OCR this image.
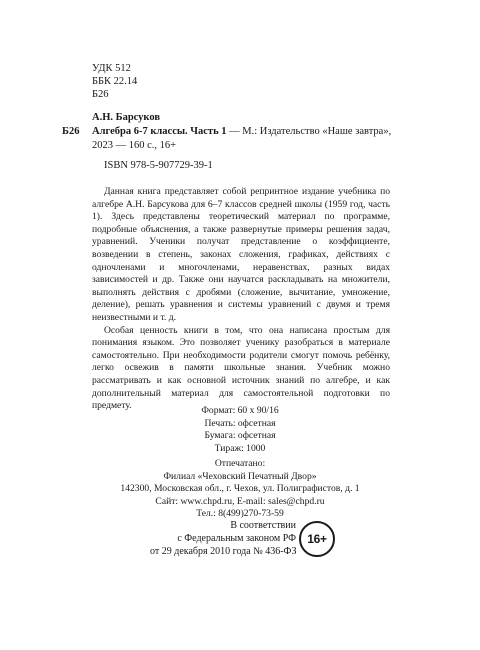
УДК 512
ББК 22.14
Б26
А.Н. Барсуков
Б26 Алгебра 6-7 классы. Часть 1 — М.: Издательство «Наше завтра»,
2023 — 160 с., 16+
ISBN 978-5-907729-39-1

Данная книга представляет собой репринтное издание учебника по алгебре А.Н. Барсукова для 6–7 классов средней школы (1959 год, часть 1). Здесь представлены теоретический материал по программе, подробные объяснения, а также развернутые примеры решения задач, уравнений. Ученики получат представление о коэффициенте, возведении в степень, законах сложения, графиках, действиях с одночленами и многочленами, неравенствах, разных видах зависимостей и др. Также они научатся раскладывать на множители, выполнять действия с дробями (сложение, вычитание, умножение, деление), решать уравнения и системы уравнений с двумя и тремя неизвестными и т. д.

Особая ценность книги в том, что она написана простым для понимания языком. Это позволяет ученику разобраться в материале самостоятельно. При необходимости родители смогут помочь ребёнку, легко освежив в памяти школьные знания. Учебник можно рассматривать и как основной источник знаний по алгебре, и как дополнительный материал для самостоятельной подготовки по предмету.	Формат: 60 х 90/16
Печать: офсетная
Бумага: офсетная
Тираж: 1000
Отпечатано:
Филиал «Чеховский Печатный Двор»
142300, Московская обл., г. Чехов, ул. Полиграфистов, д. 1
Сайт: www.chpd.ru, E-mail: sales@chpd.ru
Тел.: 8(499)270-73-59
В соответствии
с Федеральным законом РФ
от 29 декабря 2010 года № 436-ФЗ
16+
